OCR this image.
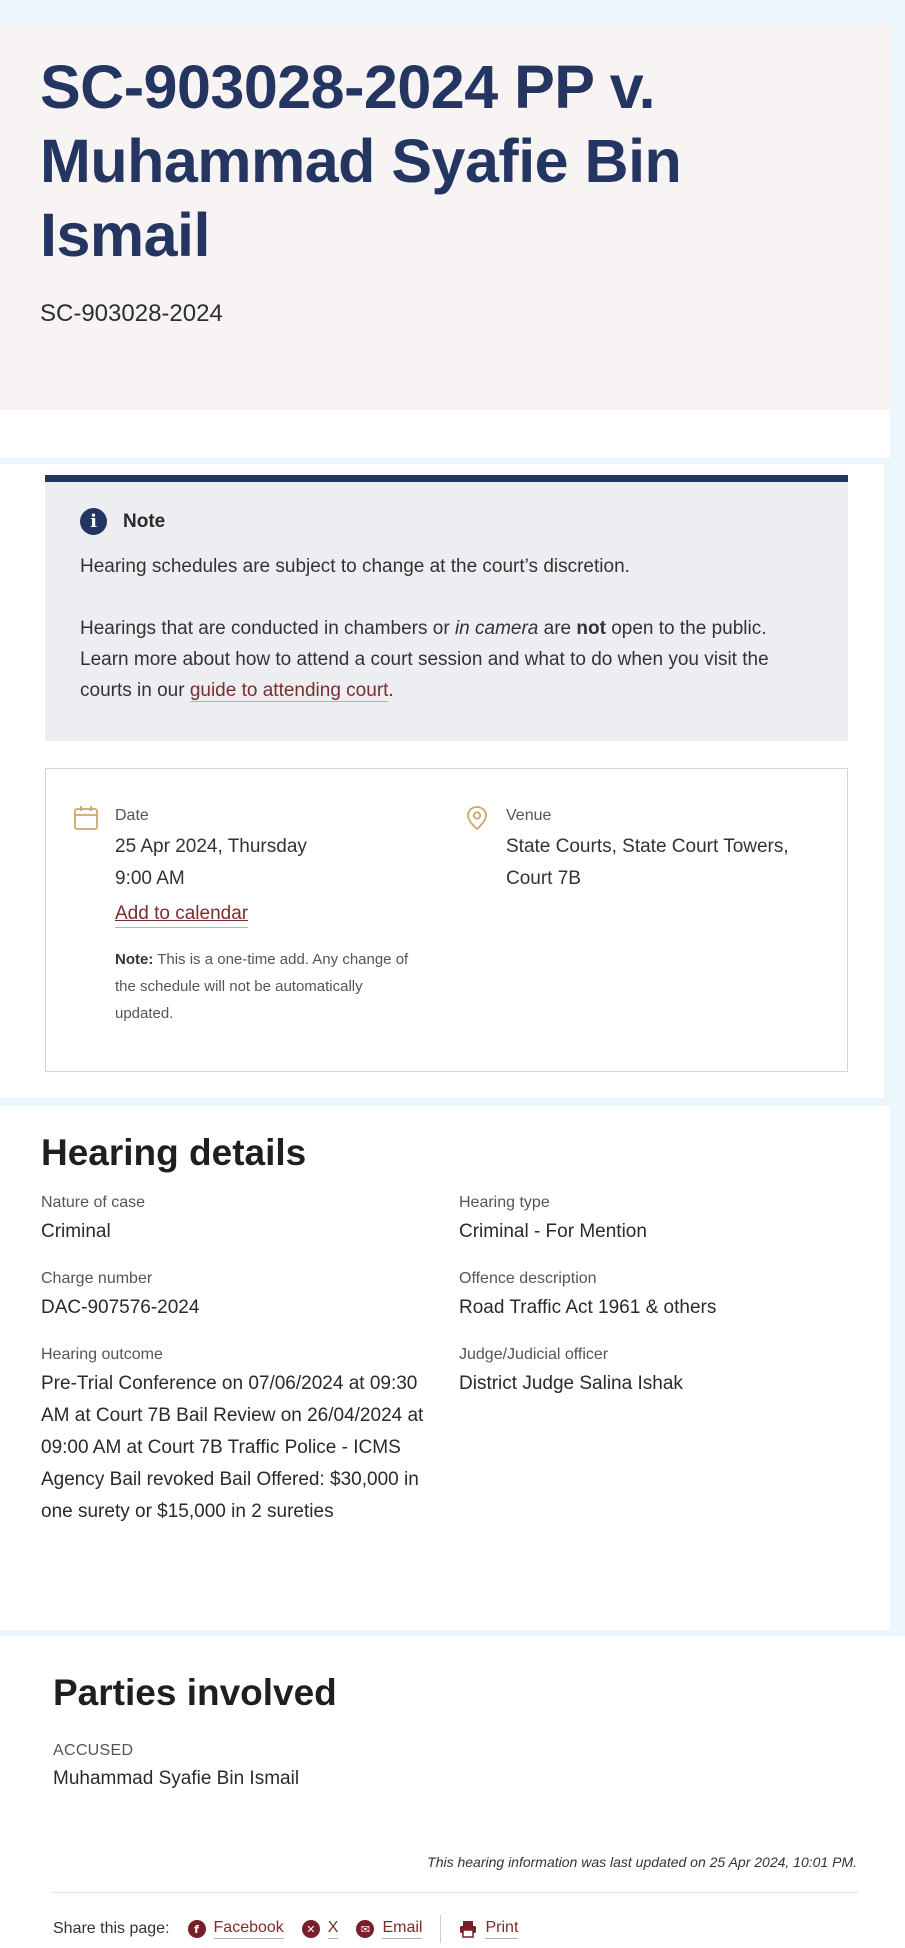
SC-903028-2024 PP v. Muhammad Syafie Bin Ismail
SC-903028-2024
i	Note

Hearing schedules are subject to change at the court’s discretion.

Hearings that are conducted in chambers or in camera are not open to the public. Learn more about how to attend a court session and what to do when you visit the courts in our guide to attending court.

Date
25 Apr 2024, Thursday
9:00 AM
Add to calendar
Note: This is a one-time add. Any change of the schedule will not be automatically updated.
Venue
State Courts, State Court Towers, Court 7B
Hearing details
Nature of case
Criminal
Hearing type
Criminal - For Mention
Charge number
DAC-907576-2024
Offence description
Road Traffic Act 1961 & others
Hearing outcome
Pre-Trial Conference on 07/06/2024 at 09:30 AM at Court 7B Bail Review on 26/04/2024 at 09:00 AM at Court 7B Traffic Police - ICMS Agency Bail revoked Bail Offered: $30,000 in one surety or $15,000 in 2 sureties
Judge/Judicial officer
District Judge Salina Ishak
Parties involved
ACCUSED
Muhammad Syafie Bin Ismail
This hearing information was last updated on 25 Apr 2024, 10:01 PM.
Share this page:	f Facebook	✕ X	✉ Email	Print
